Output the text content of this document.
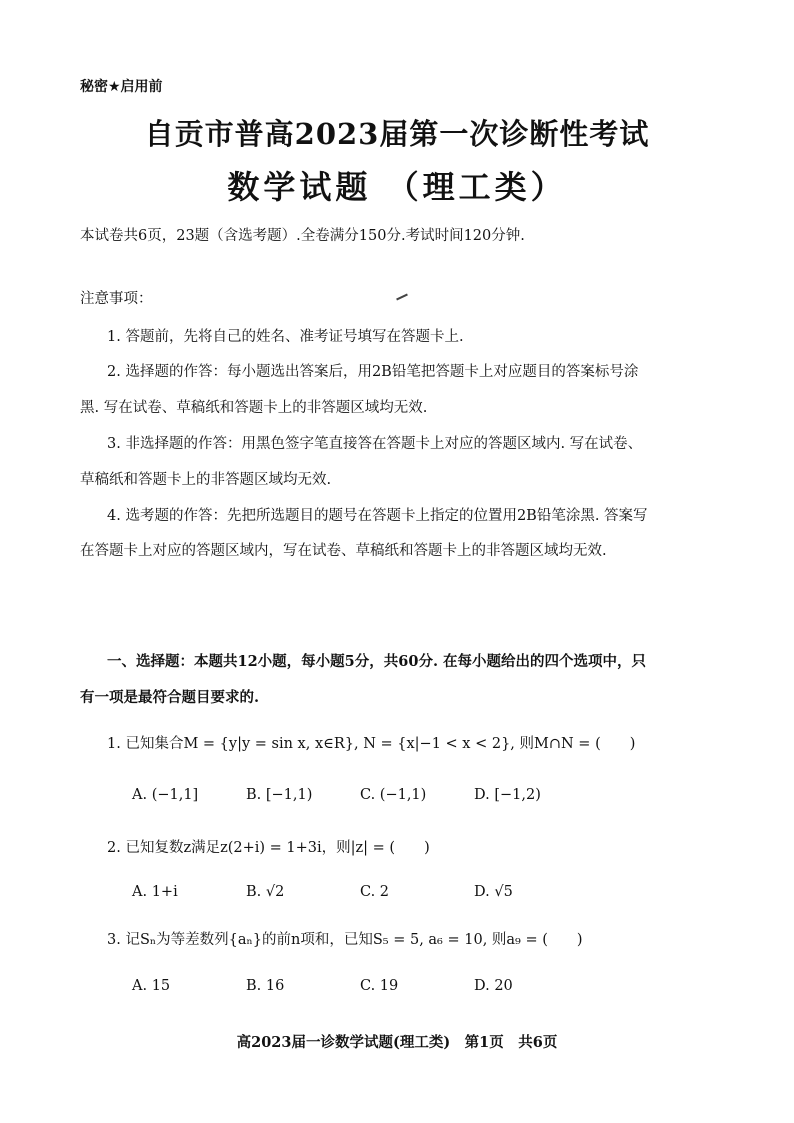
秘密★启用前
自贡市普高2023届第一次诊断性考试
数学试题 （理工类）
本试卷共6页，23题（含选考题）.全卷满分150分.考试时间120分钟.
注意事项：
1. 答题前，先将自己的姓名、准考证号填写在答题卡上.
2. 选择题的作答：每小题选出答案后，用2B铅笔把答题卡上对应题目的答案标号涂
黑. 写在试卷、草稿纸和答题卡上的非答题区域均无效.
3. 非选择题的作答：用黑色签字笔直接答在答题卡上对应的答题区域内. 写在试卷、
草稿纸和答题卡上的非答题区域均无效.
4. 选考题的作答：先把所选题目的题号在答题卡上指定的位置用2B铅笔涂黑. 答案写
在答题卡上对应的答题区域内，写在试卷、草稿纸和答题卡上的非答题区域均无效.
一、选择题：本题共12小题，每小题5分，共60分. 在每小题给出的四个选项中，只
有一项是最符合题目要求的.
1. 已知集合M = {y|y = sin x, x∈R}, N = {x|−1 < x < 2}, 则M∩N = (　　)
A. (−1,1]	B. [−1,1)	C. (−1,1)	D. [−1,2)
2. 已知复数z满足z(2+i) = 1+3i，则|z| = (　　)
A. 1+i	B. √2	C. 2	D. √5
3. 记Sₙ为等差数列{aₙ}的前n项和，已知S₅ = 5, a₆ = 10, 则a₉ = (　　)
A. 15	B. 16	C. 19	D. 20
高2023届一诊数学试题(理工类)　第1页　共6页
